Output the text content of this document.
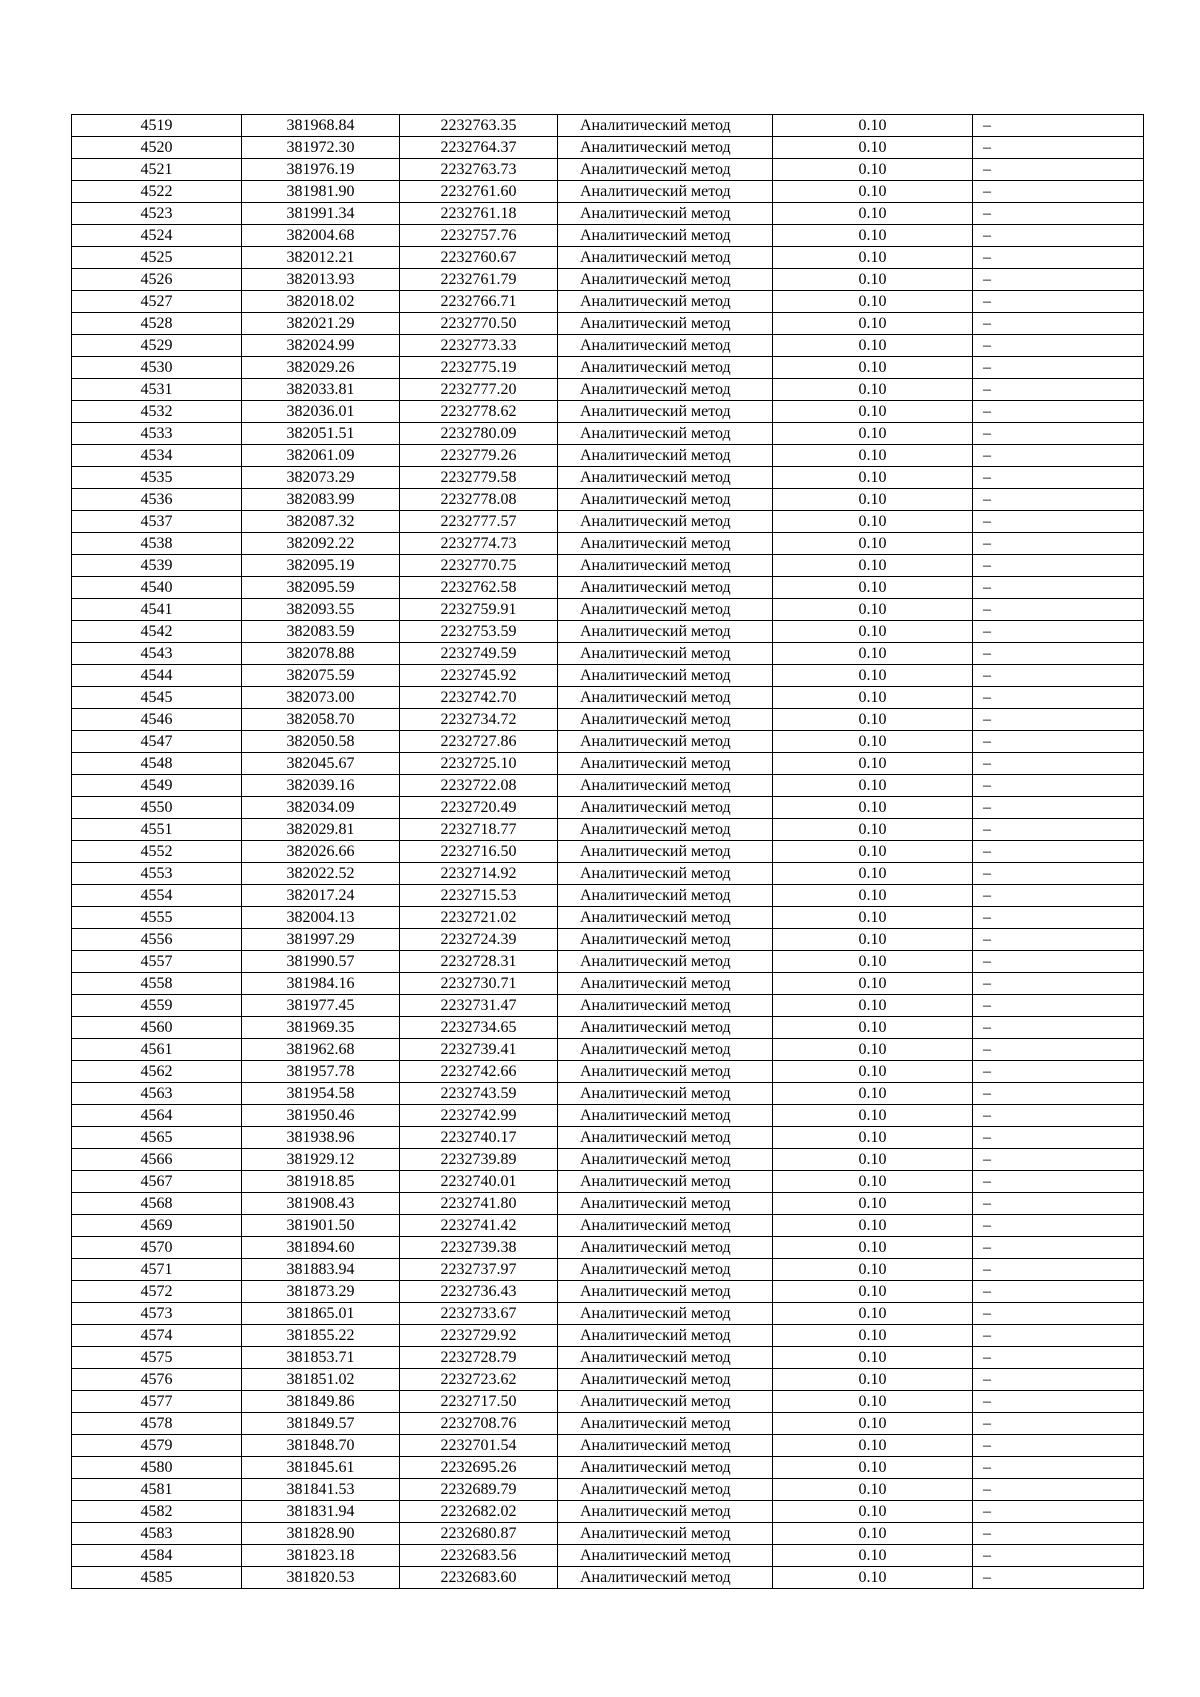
4519	381968.84	2232763.35	Аналитический метод	0.10	–
4520	381972.30	2232764.37	Аналитический метод	0.10	–
4521	381976.19	2232763.73	Аналитический метод	0.10	–
4522	381981.90	2232761.60	Аналитический метод	0.10	–
4523	381991.34	2232761.18	Аналитический метод	0.10	–
4524	382004.68	2232757.76	Аналитический метод	0.10	–
4525	382012.21	2232760.67	Аналитический метод	0.10	–
4526	382013.93	2232761.79	Аналитический метод	0.10	–
4527	382018.02	2232766.71	Аналитический метод	0.10	–
4528	382021.29	2232770.50	Аналитический метод	0.10	–
4529	382024.99	2232773.33	Аналитический метод	0.10	–
4530	382029.26	2232775.19	Аналитический метод	0.10	–
4531	382033.81	2232777.20	Аналитический метод	0.10	–
4532	382036.01	2232778.62	Аналитический метод	0.10	–
4533	382051.51	2232780.09	Аналитический метод	0.10	–
4534	382061.09	2232779.26	Аналитический метод	0.10	–
4535	382073.29	2232779.58	Аналитический метод	0.10	–
4536	382083.99	2232778.08	Аналитический метод	0.10	–
4537	382087.32	2232777.57	Аналитический метод	0.10	–
4538	382092.22	2232774.73	Аналитический метод	0.10	–
4539	382095.19	2232770.75	Аналитический метод	0.10	–
4540	382095.59	2232762.58	Аналитический метод	0.10	–
4541	382093.55	2232759.91	Аналитический метод	0.10	–
4542	382083.59	2232753.59	Аналитический метод	0.10	–
4543	382078.88	2232749.59	Аналитический метод	0.10	–
4544	382075.59	2232745.92	Аналитический метод	0.10	–
4545	382073.00	2232742.70	Аналитический метод	0.10	–
4546	382058.70	2232734.72	Аналитический метод	0.10	–
4547	382050.58	2232727.86	Аналитический метод	0.10	–
4548	382045.67	2232725.10	Аналитический метод	0.10	–
4549	382039.16	2232722.08	Аналитический метод	0.10	–
4550	382034.09	2232720.49	Аналитический метод	0.10	–
4551	382029.81	2232718.77	Аналитический метод	0.10	–
4552	382026.66	2232716.50	Аналитический метод	0.10	–
4553	382022.52	2232714.92	Аналитический метод	0.10	–
4554	382017.24	2232715.53	Аналитический метод	0.10	–
4555	382004.13	2232721.02	Аналитический метод	0.10	–
4556	381997.29	2232724.39	Аналитический метод	0.10	–
4557	381990.57	2232728.31	Аналитический метод	0.10	–
4558	381984.16	2232730.71	Аналитический метод	0.10	–
4559	381977.45	2232731.47	Аналитический метод	0.10	–
4560	381969.35	2232734.65	Аналитический метод	0.10	–
4561	381962.68	2232739.41	Аналитический метод	0.10	–
4562	381957.78	2232742.66	Аналитический метод	0.10	–
4563	381954.58	2232743.59	Аналитический метод	0.10	–
4564	381950.46	2232742.99	Аналитический метод	0.10	–
4565	381938.96	2232740.17	Аналитический метод	0.10	–
4566	381929.12	2232739.89	Аналитический метод	0.10	–
4567	381918.85	2232740.01	Аналитический метод	0.10	–
4568	381908.43	2232741.80	Аналитический метод	0.10	–
4569	381901.50	2232741.42	Аналитический метод	0.10	–
4570	381894.60	2232739.38	Аналитический метод	0.10	–
4571	381883.94	2232737.97	Аналитический метод	0.10	–
4572	381873.29	2232736.43	Аналитический метод	0.10	–
4573	381865.01	2232733.67	Аналитический метод	0.10	–
4574	381855.22	2232729.92	Аналитический метод	0.10	–
4575	381853.71	2232728.79	Аналитический метод	0.10	–
4576	381851.02	2232723.62	Аналитический метод	0.10	–
4577	381849.86	2232717.50	Аналитический метод	0.10	–
4578	381849.57	2232708.76	Аналитический метод	0.10	–
4579	381848.70	2232701.54	Аналитический метод	0.10	–
4580	381845.61	2232695.26	Аналитический метод	0.10	–
4581	381841.53	2232689.79	Аналитический метод	0.10	–
4582	381831.94	2232682.02	Аналитический метод	0.10	–
4583	381828.90	2232680.87	Аналитический метод	0.10	–
4584	381823.18	2232683.56	Аналитический метод	0.10	–
4585	381820.53	2232683.60	Аналитический метод	0.10	–
